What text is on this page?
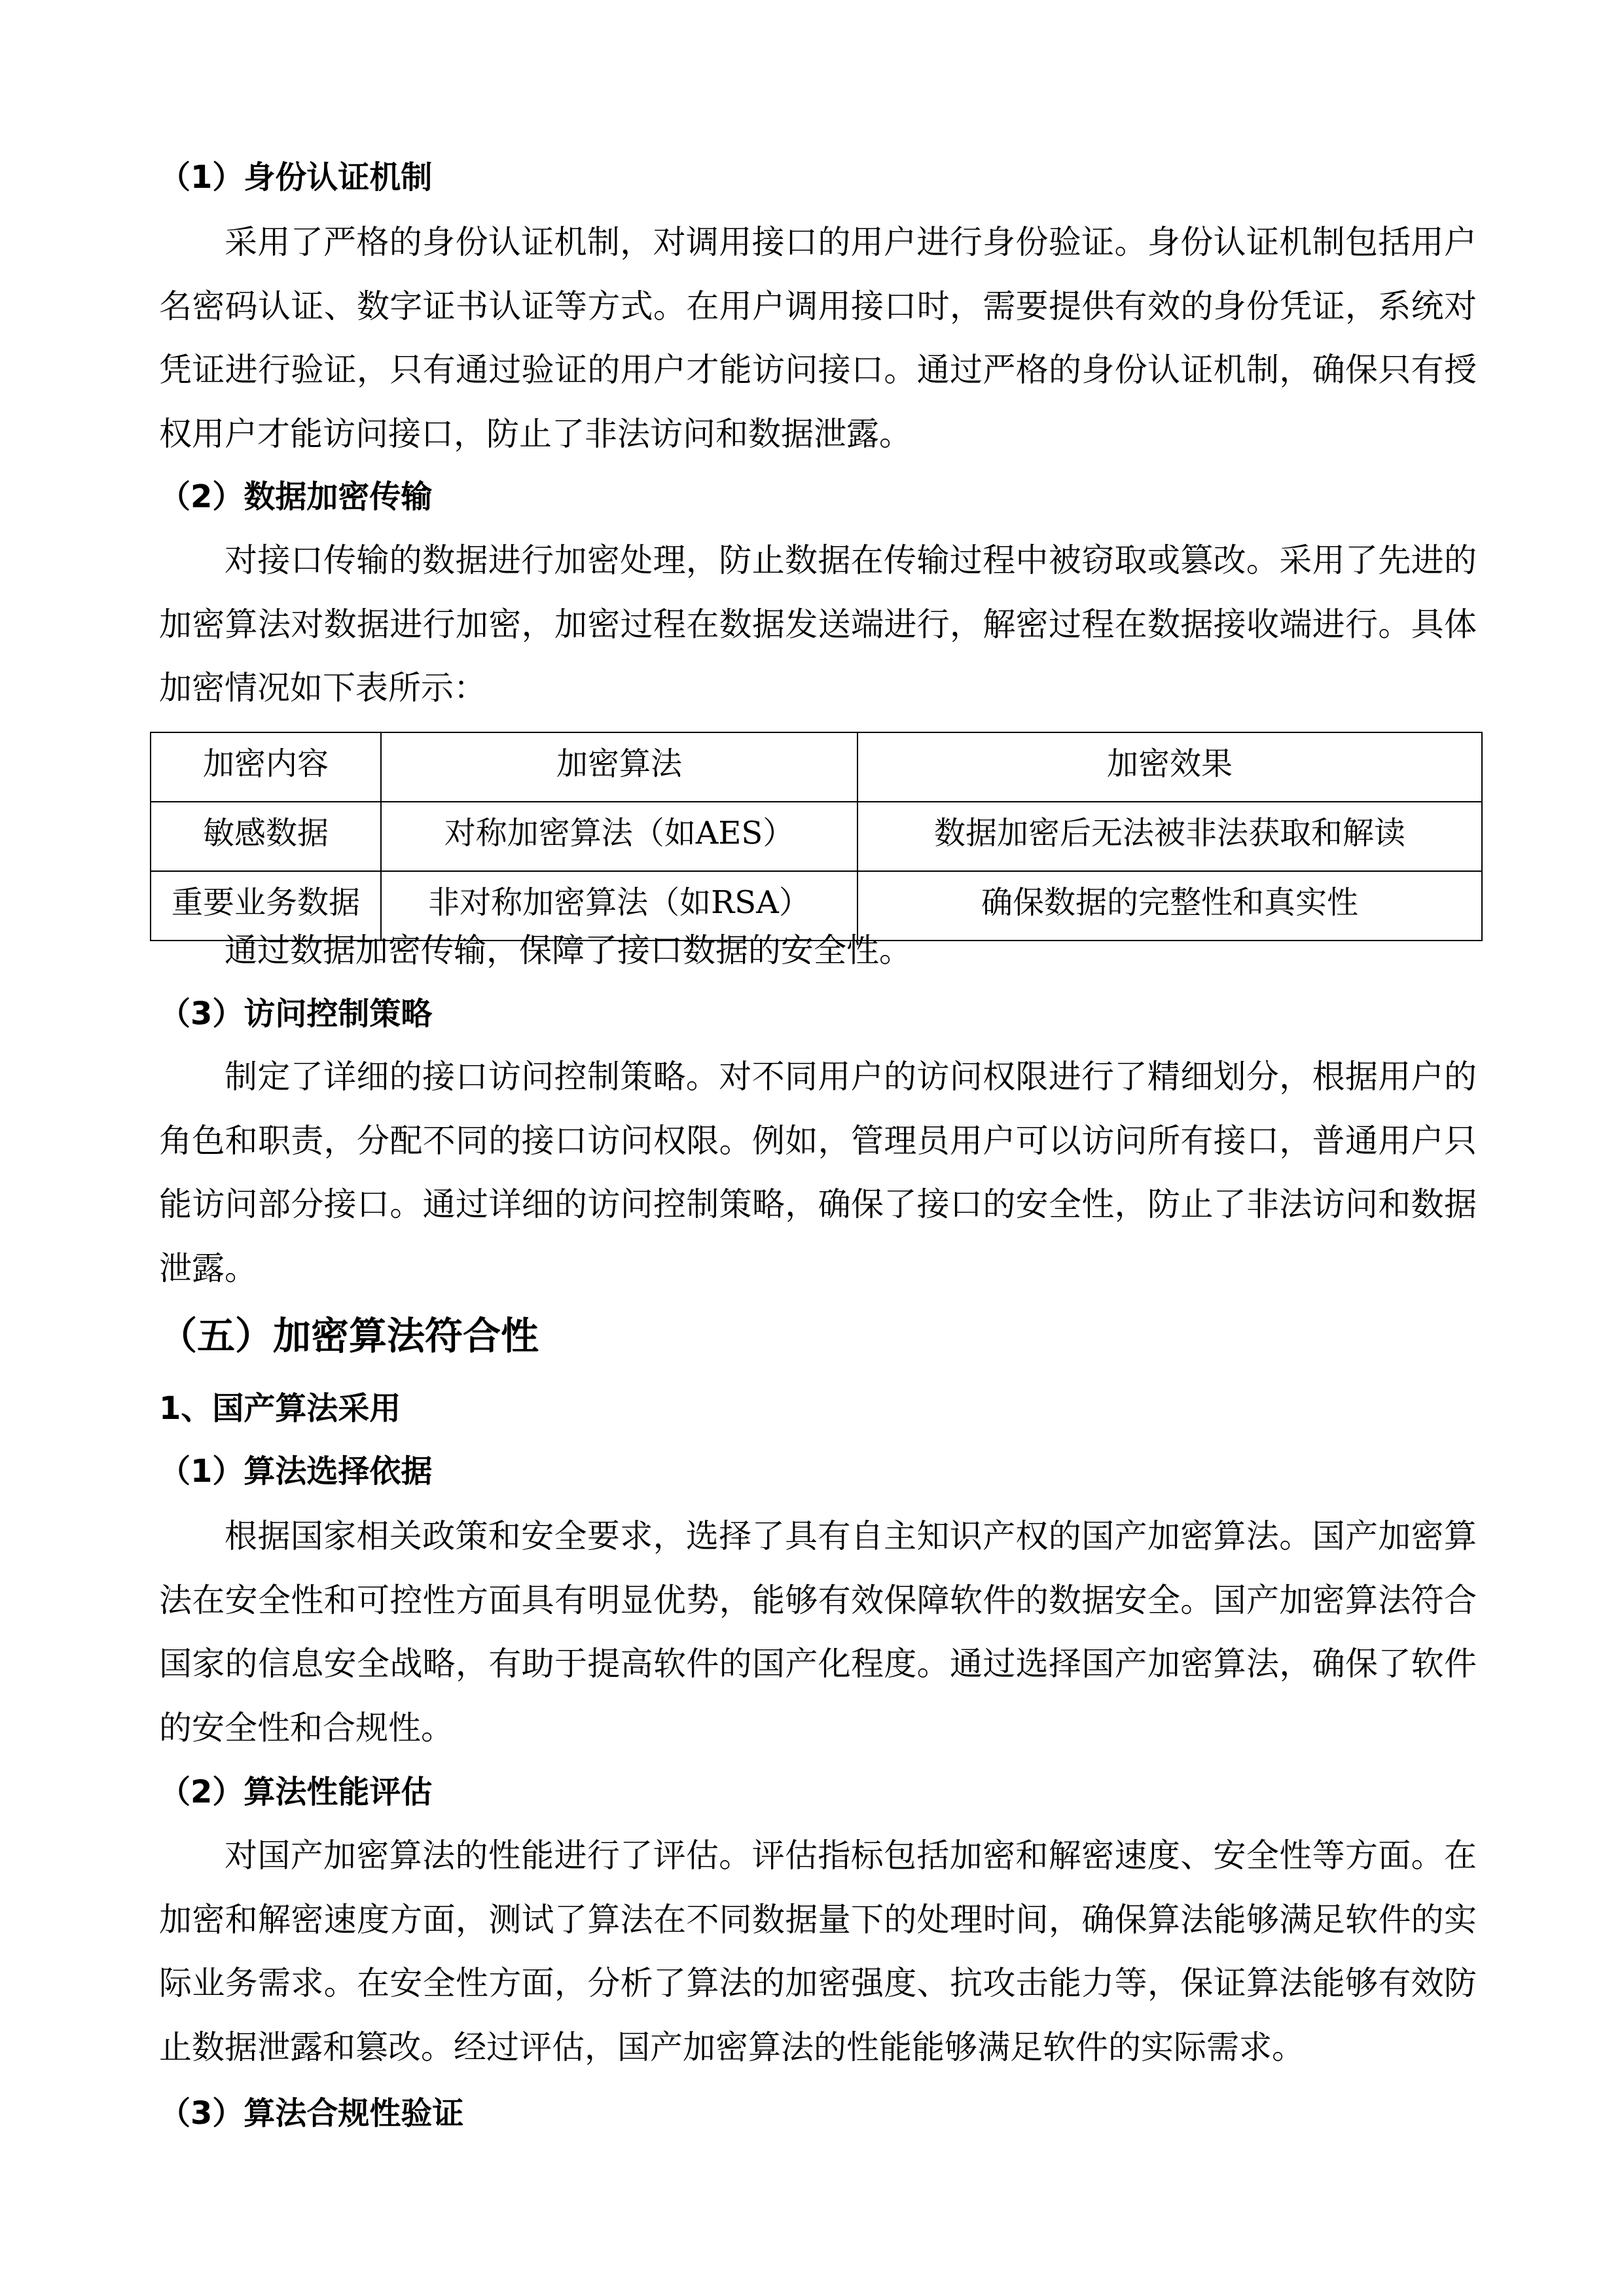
（1）身份认证机制
采用了严格的身份认证机制，对调用接口的用户进行身份验证。身份认证机制包括用户名密码认证、数字证书认证等方式。在用户调用接口时，需要提供有效的身份凭证，系统对凭证进行验证，只有通过验证的用户才能访问接口。通过严格的身份认证机制，确保只有授权用户才能访问接口，防止了非法访问和数据泄露。
（2）数据加密传输
对接口传输的数据进行加密处理，防止数据在传输过程中被窃取或篡改。采用了先进的加密算法对数据进行加密，加密过程在数据发送端进行，解密过程在数据接收端进行。具体加密情况如下表所示：
加密内容	加密算法	加密效果
敏感数据	对称加密算法（如AES）	数据加密后无法被非法获取和解读
重要业务数据	非对称加密算法（如RSA）	确保数据的完整性和真实性
通过数据加密传输，保障了接口数据的安全性。
（3）访问控制策略
制定了详细的接口访问控制策略。对不同用户的访问权限进行了精细划分，根据用户的角色和职责，分配不同的接口访问权限。例如，管理员用户可以访问所有接口，普通用户只能访问部分接口。通过详细的访问控制策略，确保了接口的安全性，防止了非法访问和数据泄露。
（五）加密算法符合性
1、国产算法采用
（1）算法选择依据
根据国家相关政策和安全要求，选择了具有自主知识产权的国产加密算法。国产加密算法在安全性和可控性方面具有明显优势，能够有效保障软件的数据安全。国产加密算法符合国家的信息安全战略，有助于提高软件的国产化程度。通过选择国产加密算法，确保了软件的安全性和合规性。
（2）算法性能评估
对国产加密算法的性能进行了评估。评估指标包括加密和解密速度、安全性等方面。在加密和解密速度方面，测试了算法在不同数据量下的处理时间，确保算法能够满足软件的实际业务需求。在安全性方面，分析了算法的加密强度、抗攻击能力等，保证算法能够有效防止数据泄露和篡改。经过评估，国产加密算法的性能能够满足软件的实际需求。
（3）算法合规性验证
